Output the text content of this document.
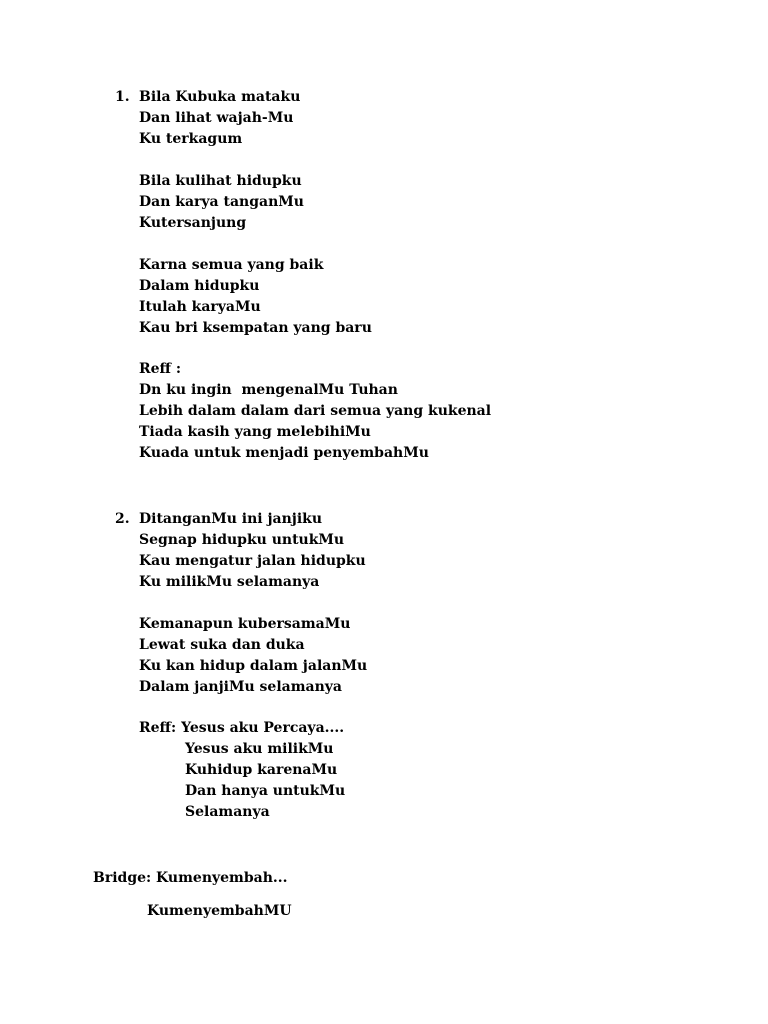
1. Bila Kubuka mataku
Dan lihat wajah-Mu
Ku terkagum
Bila kulihat hidupku
Dan karya tanganMu
Kutersanjung
Karna semua yang baik
Dalam hidupku
Itulah karyaMu
Kau bri ksempatan yang baru
Reff :
Dn ku ingin  mengenalMu Tuhan
Lebih dalam dalam dari semua yang kukenal
Tiada kasih yang melebihiMu
Kuada untuk menjadi penyembahMu
2. DitanganMu ini janjiku
Segnap hidupku untukMu
Kau mengatur jalan hidupku
Ku milikMu selamanya
Kemanapun kubersamaMu
Lewat suka dan duka
Ku kan hidup dalam jalanMu
Dalam janjiMu selamanya
Reff: Yesus aku Percaya....
Yesus aku milikMu
Kuhidup karenaMu
Dan hanya untukMu
Selamanya
Bridge: Kumenyembah...
KumenyembahMU
